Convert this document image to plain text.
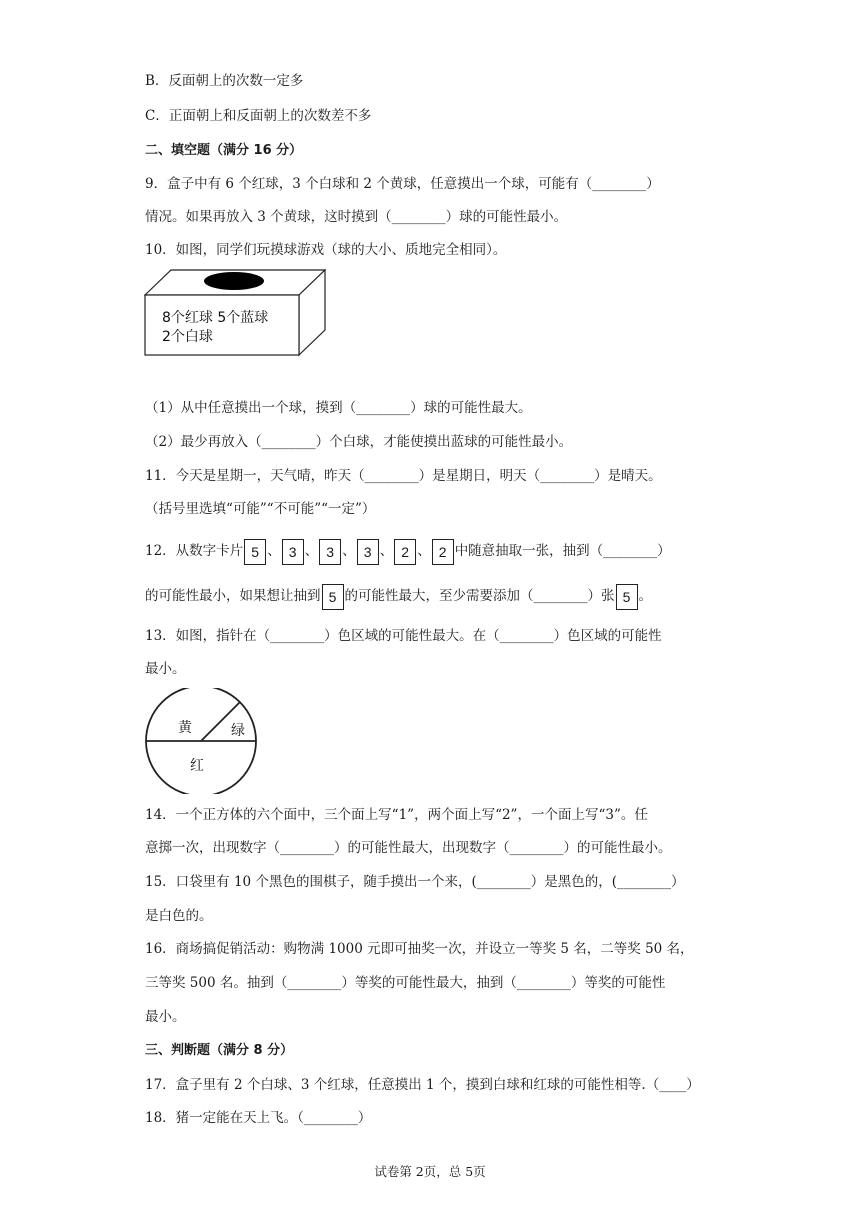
B．反面朝上的次数一定多
C．正面朝上和反面朝上的次数差不多
二、填空题（满分 16 分）
9．盒子中有 6 个红球，3 个白球和 2 个黄球，任意摸出一个球，可能有（________）
情况。如果再放入 3 个黄球，这时摸到（________）球的可能性最小。
10．如图，同学们玩摸球游戏（球的大小、质地完全相同）。
8个红球 5个蓝球
2个白球
（1）从中任意摸出一个球，摸到（________）球的可能性最大。
（2）最少再放入（________）个白球，才能使摸出蓝球的可能性最小。
11．今天是星期一，天气晴，昨天（________）是星期日，明天（________）是晴天。
（括号里选填“可能”“不可能”“一定”）
12．从数字卡片 5 、 3 、 3 、 3 、 2 、 2 中随意抽取一张，抽到（________）
的可能性最小，如果想让抽到 5 的可能性最大，至少需要添加（________）张 5 。
13．如图，指针在（________）色区域的可能性最大。在（________）色区域的可能性
最小。
黄	绿
红
14．一个正方体的六个面中，三个面上写“1”，两个面上写“2”，一个面上写“3”。任
意掷一次，出现数字（________）的可能性最大，出现数字（________）的可能性最小。
15．口袋里有 10 个黑色的围棋子，随手摸出一个来，(________）是黑色的，(________）
是白色的。
16．商场搞促销活动：购物满 1000 元即可抽奖一次，并设立一等奖 5 名，二等奖 50 名，
三等奖 500 名。抽到（________）等奖的可能性最大，抽到（________）等奖的可能性
最小。
三、判断题（满分 8 分）
17．盒子里有 2 个白球、3 个红球，任意摸出 1 个，摸到白球和红球的可能性相等.（____）
18．猪一定能在天上飞。（________）
试卷第 2页，总 5页
